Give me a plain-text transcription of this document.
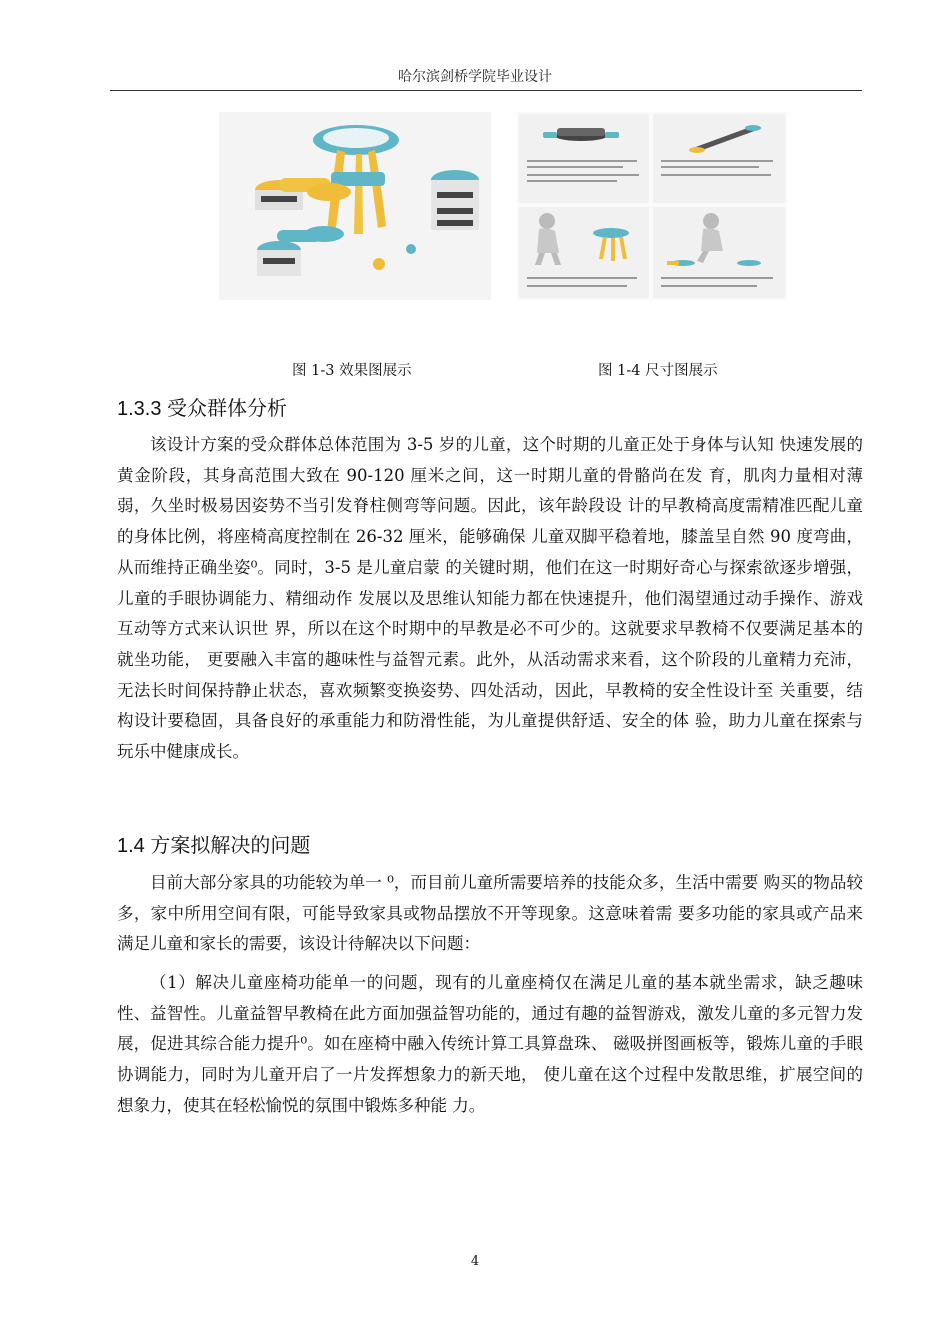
哈尔滨剑桥学院毕业设计
图 1-3 效果图展示	图 1-4 尺寸图展示
1.3.3 受众群体分析

该设计方案的受众群体总体范围为 3-5 岁的儿童，这个时期的儿童正处于身体与认知 快速发展的黄金阶段，其身高范围大致在 90-120 厘米之间，这一时期儿童的骨骼尚在发 育，肌肉力量相对薄弱，久坐时极易因姿势不当引发脊柱侧弯等问题。因此，该年龄段设 计的早教椅高度需精准匹配儿童的身体比例，将座椅高度控制在 26-32 厘米，能够确保 儿童双脚平稳着地，膝盖呈自然 90 度弯曲，从而维持正确坐姿⁰。同时，3-5 是儿童启蒙 的关键时期，他们在这一时期好奇心与探索欲逐步增强，儿童的手眼协调能力、精细动作 发展以及思维认知能力都在快速提升，他们渴望通过动手操作、游戏互动等方式来认识世 界，所以在这个时期中的早教是必不可少的。这就要求早教椅不仅要满足基本的就坐功能， 更要融入丰富的趣味性与益智元素。此外，从活动需求来看，这个阶段的儿童精力充沛， 无法长时间保持静止状态，喜欢频繁变换姿势、四处活动，因此，早教椅的安全性设计至 关重要，结构设计要稳固，具备良好的承重能力和防滑性能，为儿童提供舒适、安全的体 验，助力儿童在探索与玩乐中健康成长。

1.4 方案拟解决的问题

目前大部分家具的功能较为单一 ⁰，而目前儿童所需要培养的技能众多，生活中需要 购买的物品较多，家中所用空间有限，可能导致家具或物品摆放不开等现象。这意味着需 要多功能的家具或产品来满足儿童和家长的需要，该设计待解决以下问题：

（1）解决儿童座椅功能单一的问题，现有的儿童座椅仅在满足儿童的基本就坐需求，缺乏趣味性、益智性。儿童益智早教椅在此方面加强益智功能的，通过有趣的益智游戏，激发儿童的多元智力发展，促进其综合能力提升⁰。如在座椅中融入传统计算工具算盘珠、 磁吸拼图画板等，锻炼儿童的手眼协调能力，同时为儿童开启了一片发挥想象力的新天地， 使儿童在这个过程中发散思维，扩展空间的想象力，使其在轻松愉悦的氛围中锻炼多种能 力。

4
